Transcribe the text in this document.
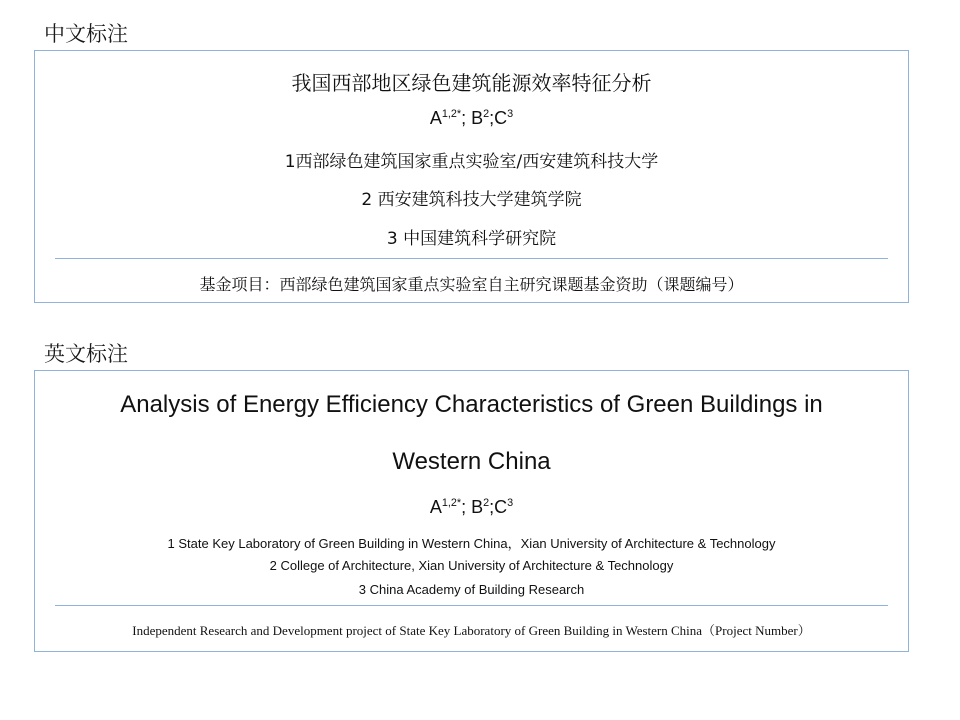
中文标注
我国西部地区绿色建筑能源效率特征分析
$A^{1,2*}$; $B^2;C^3$
1西部绿色建筑国家重点实验室/西安建筑科技大学
2 西安建筑科技大学建筑学院
3 中国建筑科学研究院
基金项目：西部绿色建筑国家重点实验室自主研究课题基金资助（课题编号）
英文标注
Analysis of Energy Efficiency Characteristics of Green Buildings in
Western China
$A^{1,2*}$; $B^2;C^3$
1 State Key Laboratory of Green Building in Western China，Xian University of Architecture & Technology
2 College of Architecture, Xian University of Architecture & Technology
3 China Academy of Building Research
Independent Research and Development project of State Key Laboratory of Green Building in Western China（Project Number）
